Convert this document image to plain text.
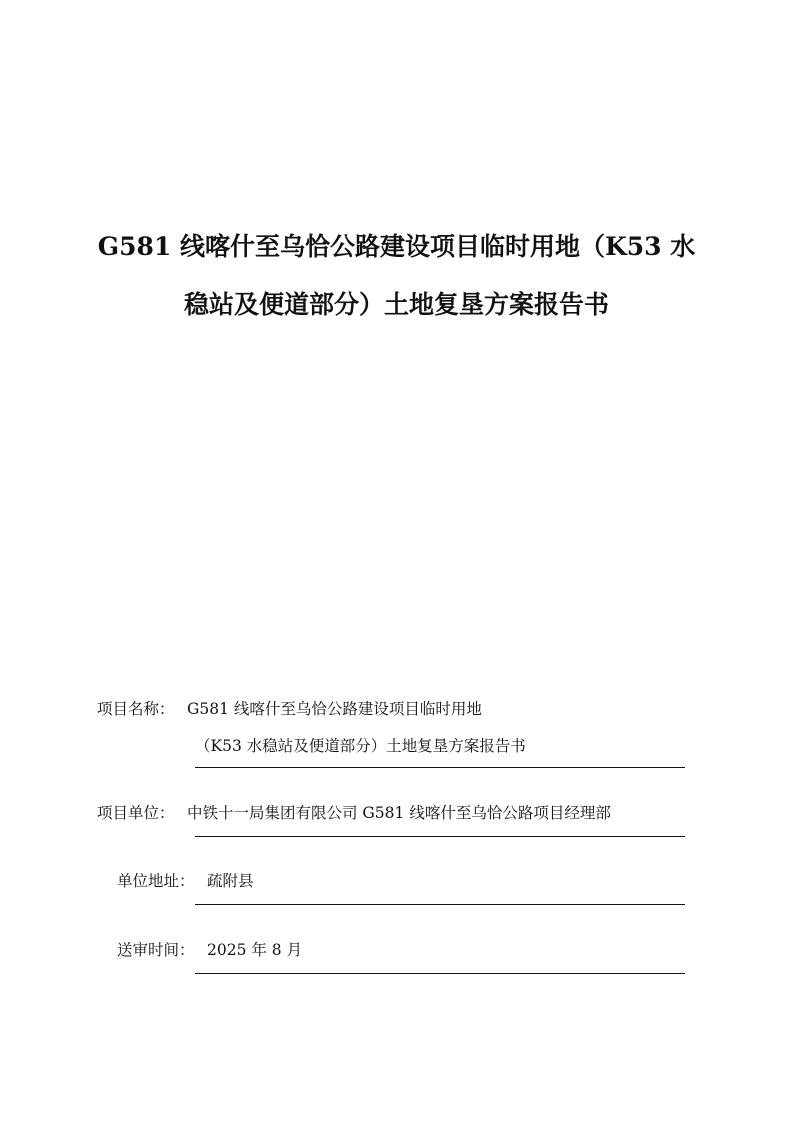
G581 线喀什至乌恰公路建设项目临时用地（K53 水
稳站及便道部分）土地复垦方案报告书
项目名称： G581 线喀什至乌恰公路建设项目临时用地
（K53 水稳站及便道部分）土地复垦方案报告书
项目单位： 中铁十一局集团有限公司 G581 线喀什至乌恰公路项目经理部
单位地址： 疏附县
送审时间： 2025 年 8 月
